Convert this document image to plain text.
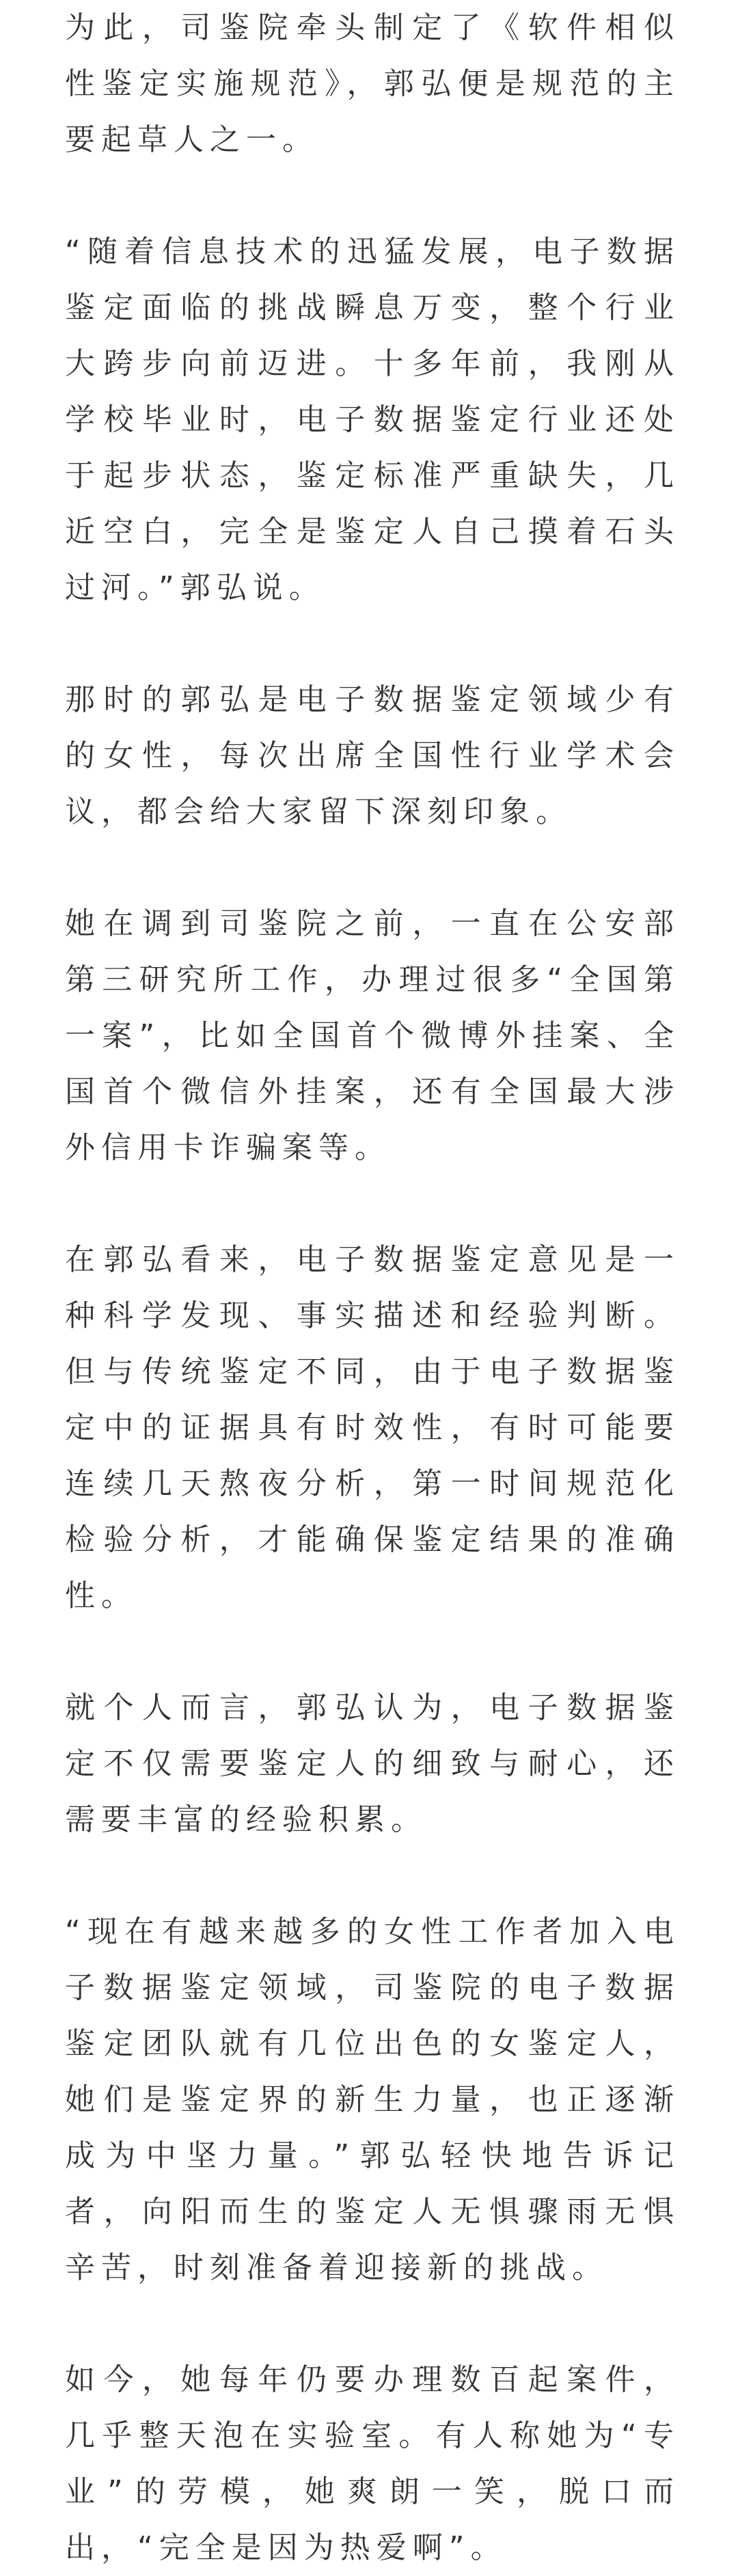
为此，司鉴院牵头制定了《软件相似性鉴定实施规范》，郭弘便是规范的主要起草人之一。

“随着信息技术的迅猛发展，电子数据鉴定面临的挑战瞬息万变，整个行业大跨步向前迈进。十多年前，我刚从学校毕业时，电子数据鉴定行业还处于起步状态，鉴定标准严重缺失，几近空白，完全是鉴定人自己摸着石头过河。”郭弘说。

那时的郭弘是电子数据鉴定领域少有的女性，每次出席全国性行业学术会议，都会给大家留下深刻印象。

她在调到司鉴院之前，一直在公安部第三研究所工作，办理过很多“全国第一案”，比如全国首个微博外挂案、全国首个微信外挂案，还有全国最大涉外信用卡诈骗案等。

在郭弘看来，电子数据鉴定意见是一种科学发现、事实描述和经验判断。但与传统鉴定不同，由于电子数据鉴定中的证据具有时效性，有时可能要连续几天熬夜分析，第一时间规范化检验分析，才能确保鉴定结果的准确性。

就个人而言，郭弘认为，电子数据鉴定不仅需要鉴定人的细致与耐心，还需要丰富的经验积累。

“现在有越来越多的女性工作者加入电子数据鉴定领域，司鉴院的电子数据鉴定团队就有几位出色的女鉴定人，她们是鉴定界的新生力量，也正逐渐成为中坚力量。”郭弘轻快地告诉记者，向阳而生的鉴定人无惧骤雨无惧辛苦，时刻准备着迎接新的挑战。

如今，她每年仍要办理数百起案件，几乎整天泡在实验室。有人称她为“专业”的劳模，她爽朗一笑，脱口而出，“完全是因为热爱啊”。
